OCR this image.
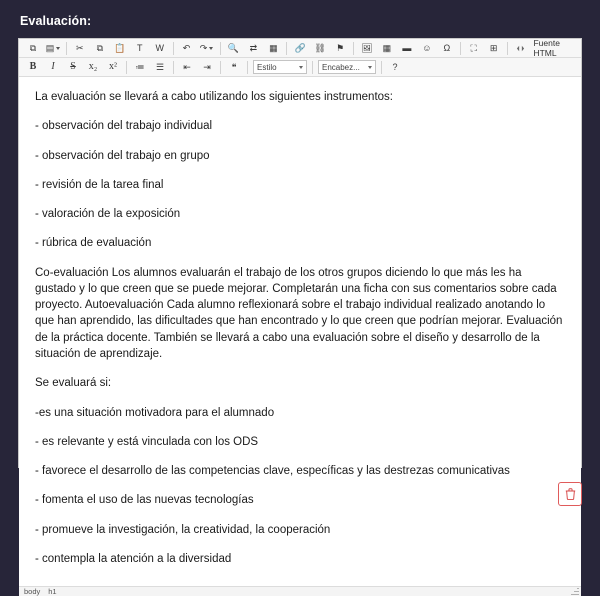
Evaluación:
⧉	▤	✂	⧉	📋	T	W	↶	↷	🔍	⇄	▦	🔗 ⛓	⚑	🖼	▦	▬	☺	Ω	⛶	⊞	Fuente HTML
B	I	S	x₂	x²	≔	☰	⇤	⇥	❝	Estilo	Encabez...	?

La evaluación se llevará a cabo utilizando los siguientes instrumentos:

- observación del trabajo individual

- observación del trabajo en grupo

- revisión de la tarea final

- valoración de la exposición

- rúbrica de evaluación

Co-evaluación Los alumnos evaluarán el trabajo de los otros grupos diciendo lo que más les ha gustado y lo que creen que se puede mejorar. Completarán una ficha con sus comentarios sobre cada proyecto. Autoevaluación Cada alumno reflexionará sobre el trabajo individual realizado anotando lo que han aprendido, las dificultades que han encontrado y lo que creen que podrían mejorar. Evaluación de la práctica docente. También se llevará a cabo una evaluación sobre el diseño y desarrollo de la situación de aprendizaje.

Se evaluará si:

-es una situación motivadora para el alumnado

- es relevante y está vinculada con los ODS

- favorece el desarrollo de las competencias clave, específicas y las destrezas comunicativas

- fomenta el uso de las nuevas tecnologías

- promueve la investigación, la creatividad, la cooperación

- contempla la atención a la diversidad

body h1
